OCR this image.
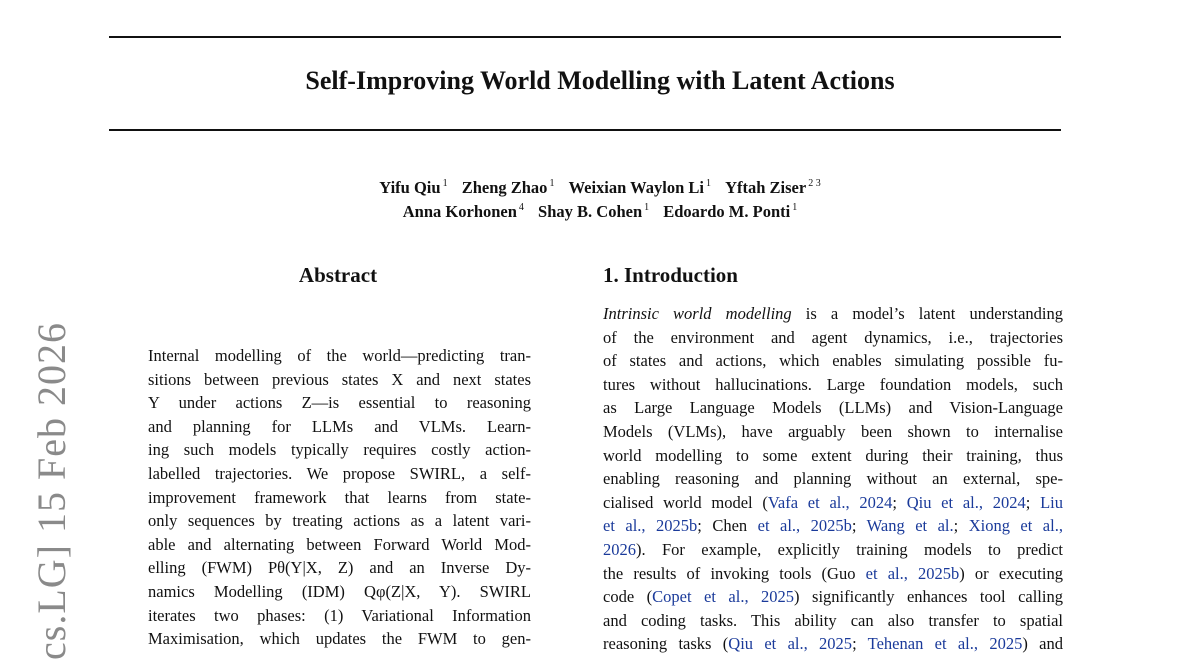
Self-Improving World Modelling with Latent Actions
Yifu Qiu $^1$ Zheng Zhao $^1$ Weixian Waylon Li $^1$ Yftah Ziser $^{2 3}$
Anna Korhonen $^4$ Shay B. Cohen $^1$ Edoardo M. Ponti $^1$
cs.LG] 15 Feb 2026
Abstract
Internal modelling of the world—predicting tran-
sitions between previous states X and next states
Y under actions Z—is essential to reasoning
and planning for LLMs and VLMs. Learn-
ing such models typically requires costly action-
labelled trajectories. We propose SWIRL, a self-
improvement framework that learns from state-
only sequences by treating actions as a latent vari-
able and alternating between Forward World Mod-
elling (FWM) Pθ(Y|X, Z) and an Inverse Dy-
namics Modelling (IDM) Qφ(Z|X, Y). SWIRL
iterates two phases: (1) Variational Information
Maximisation, which updates the FWM to gen-
1. Introduction
Intrinsic world modelling is a model’s latent understanding
of the environment and agent dynamics, i.e., trajectories
of states and actions, which enables simulating possible fu-
tures without hallucinations. Large foundation models, such
as Large Language Models (LLMs) and Vision-Language
Models (VLMs), have arguably been shown to internalise
world modelling to some extent during their training, thus
enabling reasoning and planning without an external, spe-
cialised world model (Vafa et al., 2024; Qiu et al., 2024; Liu
et al., 2025b; Chen et al., 2025b; Wang et al.; Xiong et al.,
2026). For example, explicitly training models to predict
the results of invoking tools (Guo et al., 2025b) or executing
code (Copet et al., 2025) significantly enhances tool calling
and coding tasks. This ability can also transfer to spatial
reasoning tasks (Qiu et al., 2025; Tehenan et al., 2025) and
